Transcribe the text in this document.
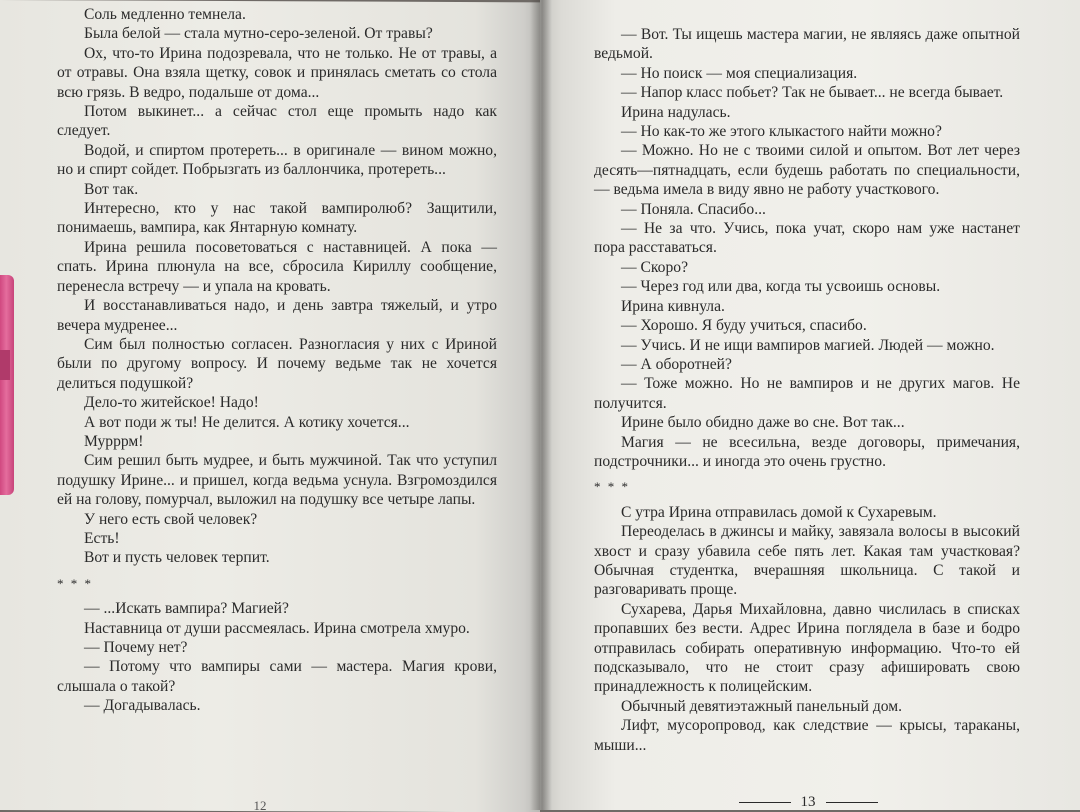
Соль медленно темнела.

Была белой — стала мутно-серо-зеленой. От травы?

Ох, что-то Ирина подозревала, что не только. Не от травы, а от отравы. Она взяла щетку, совок и принялась сметать со стола всю грязь. В ведро, подальше от дома...

Потом выкинет... а сейчас стол еще промыть надо как следует.

Водой, и спиртом протереть... в оригинале — вином можно, но и спирт сойдет. Побрызгать из баллончика, протереть...

Вот так.

Интересно, кто у нас такой вампиролюб? Защитили, понимаешь, вампира, как Янтарную комнату.

Ирина решила посоветоваться с наставницей. А пока — спать. Ирина плюнула на все, сбросила Кириллу сообщение, перенесла встречу — и упала на кровать.

И восстанавливаться надо, и день завтра тяжелый, и утро вечера мудренее...

Сим был полностью согласен. Разногласия у них с Ириной были по другому вопросу. И почему ведьме так не хочется делиться подушкой?

Дело-то житейское! Надо!

А вот поди ж ты! Не делится. А котику хочется...

Мурррм!

Сим решил быть мудрее, и быть мужчиной. Так что уступил подушку Ирине... и пришел, когда ведьма уснула. Взгромоздился ей на голову, помурчал, выложил на подушку все четыре лапы.

У него есть свой человек?

Есть!

Вот и пусть человек терпит.

* * *

— ...Искать вампира? Магией?

Наставница от души рассмеялась. Ирина смотрела хмуро.

— Почему нет?

— Потому что вампиры сами — мастера. Магия крови, слышала о такой?

— Догадывалась.

— Вот. Ты ищешь мастера магии, не являясь даже опытной ведьмой.

— Но поиск — моя специализация.

— Напор класс побьет? Так не бывает... не всегда бывает.

Ирина надулась.

— Но как-то же этого клыкастого найти можно?

— Можно. Но не с твоими силой и опытом. Вот лет через десять—пятнадцать, если будешь работать по специальности, — ведьма имела в виду явно не работу участкового.

— Поняла. Спасибо...

— Не за что. Учись, пока учат, скоро нам уже настанет пора расставаться.

— Скоро?

— Через год или два, когда ты усвоишь основы.

Ирина кивнула.

— Хорошо. Я буду учиться, спасибо.

— Учись. И не ищи вампиров магией. Людей — можно.

— А оборотней?

— Тоже можно. Но не вампиров и не других магов. Не получится.

Ирине было обидно даже во сне. Вот так...

Магия — не всесильна, везде договоры, примечания, подстрочники... и иногда это очень грустно.

* * *

С утра Ирина отправилась домой к Сухаревым.

Переоделась в джинсы и майку, завязала волосы в высокий хвост и сразу убавила себе пять лет. Какая там участковая? Обычная студентка, вчерашняя школьница. С такой и разговаривать проще.

Сухарева, Дарья Михайловна, давно числилась в списках пропавших без вести. Адрес Ирина поглядела в базе и бодро отправилась собирать оперативную информацию. Что-то ей подсказывало, что не стоит сразу афишировать свою принадлежность к полицейским.

Обычный девятиэтажный панельный дом.

Лифт, мусоропровод, как следствие — крысы, тараканы, мыши...

12	13
